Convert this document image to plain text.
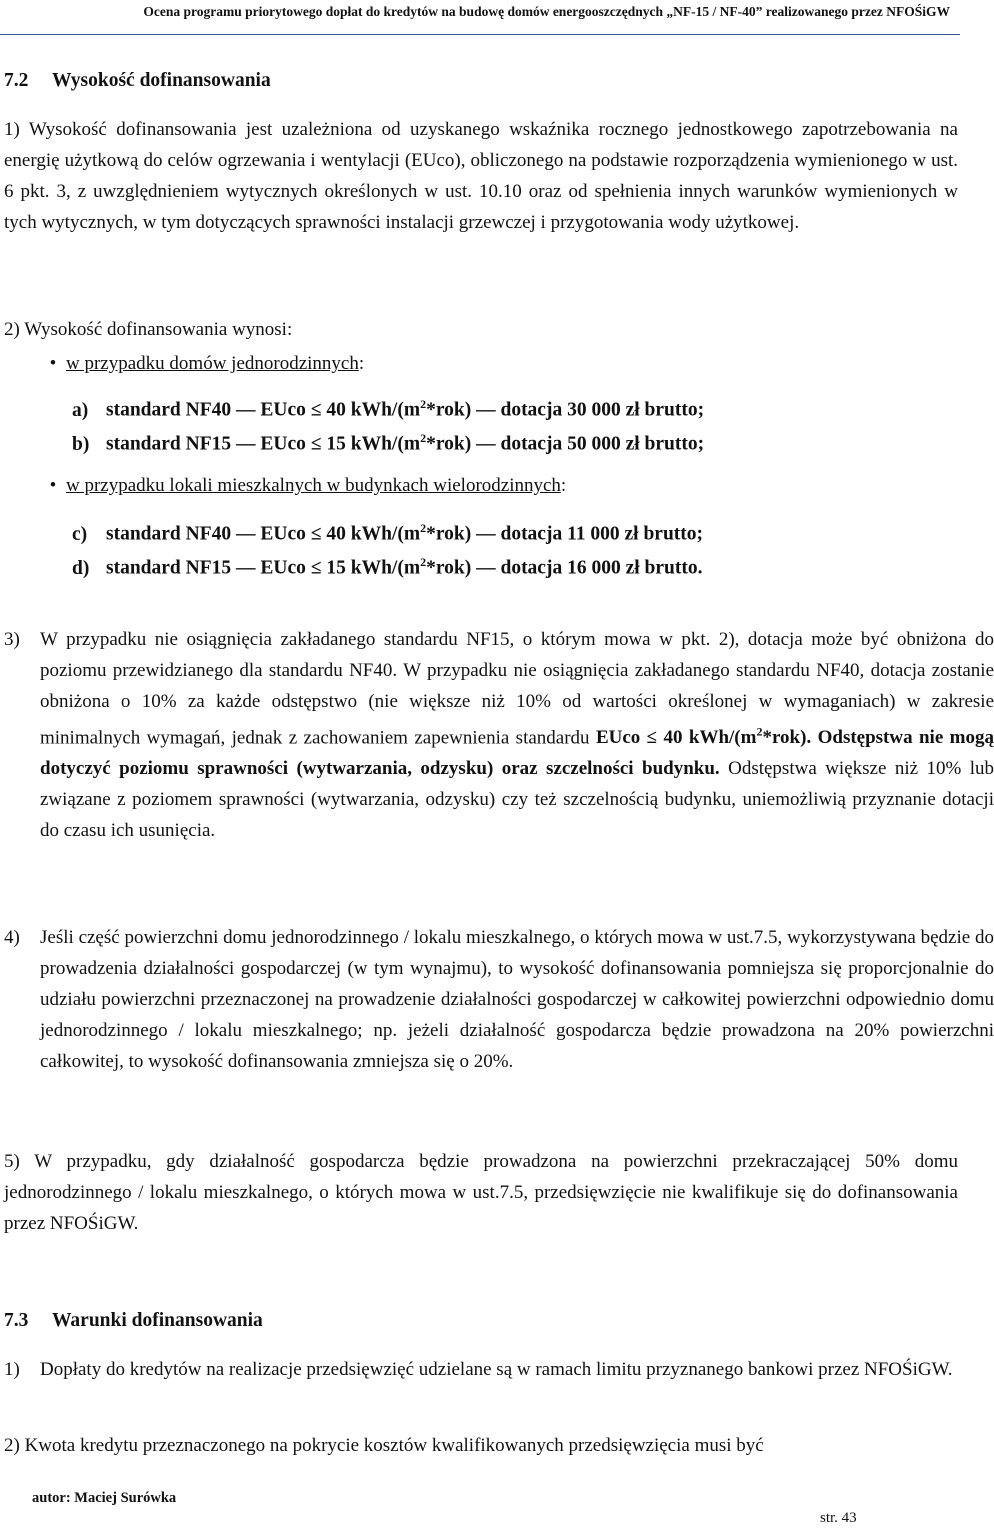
Ocena programu priorytowego dopłat do kredytów na budowę domów energooszczędnych „NF-15 / NF-40” realizowanego przez NFOŚiGW
7.2 Wysokość dofinansowania
1) Wysokość dofinansowania jest uzależniona od uzyskanego wskaźnika rocznego jednostkowego zapotrzebowania na energię użytkową do celów ogrzewania i wentylacji (EUco), obliczonego na podstawie rozporządzenia wymienionego w ust. 6 pkt. 3, z uwzględnieniem wytycznych określonych w ust. 10.10 oraz od spełnienia innych warunków wymienionych w tych wytycznych, w tym dotyczących sprawności instalacji grzewczej i przygotowania wody użytkowej.
2) Wysokość dofinansowania wynosi:
• w przypadku domów jednorodzinnych:
a) standard NF40 — EUco ≤ 40 kWh/$(m^2*rok)$ — dotacja 30 000 zł brutto;
b) standard NF15 — EUco ≤ 15 kWh/$(m^2*rok)$ — dotacja 50 000 zł brutto;
• w przypadku lokali mieszkalnych w budynkach wielorodzinnych:
c) standard NF40 — EUco ≤ 40 kWh/$(m^2*rok)$ — dotacja 11 000 zł brutto;
d) standard NF15 — EUco ≤ 15 kWh/$(m^2*rok)$ — dotacja 16 000 zł brutto.
3) W przypadku nie osiągnięcia zakładanego standardu NF15, o którym mowa w pkt. 2), dotacja może być obniżona do poziomu przewidzianego dla standardu NF40. W przypadku nie osiągnięcia zakładanego standardu NF40, dotacja zostanie obniżona o 10% za każde odstępstwo (nie większe niż 10% od wartości określonej w wymaganiach) w zakresie minimalnych wymagań, jednak z zachowaniem zapewnienia standardu EUco ≤ 40 kWh/$(m^2*rok)$. Odstępstwa nie mogą dotyczyć poziomu sprawności (wytwarzania, odzysku) oraz szczelności budynku. Odstępstwa większe niż 10% lub związane z poziomem sprawności (wytwarzania, odzysku) czy też szczelnością budynku, uniemożliwią przyznanie dotacji do czasu ich usunięcia.
4) Jeśli część powierzchni domu jednorodzinnego / lokalu mieszkalnego, o których mowa w ust.7.5, wykorzystywana będzie do prowadzenia działalności gospodarczej (w tym wynajmu), to wysokość dofinansowania pomniejsza się proporcjonalnie do udziału powierzchni przeznaczonej na prowadzenie działalności gospodarczej w całkowitej powierzchni odpowiednio domu jednorodzinnego / lokalu mieszkalnego; np. jeżeli działalność gospodarcza będzie prowadzona na 20% powierzchni całkowitej, to wysokość dofinansowania zmniejsza się o 20%.
5) W przypadku, gdy działalność gospodarcza będzie prowadzona na powierzchni przekraczającej 50% domu jednorodzinnego / lokalu mieszkalnego, o których mowa w ust.7.5, przedsięwzięcie nie kwalifikuje się do dofinansowania przez NFOŚiGW.
7.3 Warunki dofinansowania
1) Dopłaty do kredytów na realizacje przedsięwzięć udzielane są w ramach limitu przyznanego bankowi przez NFOŚiGW.
2) Kwota kredytu przeznaczonego na pokrycie kosztów kwalifikowanych przedsięwzięcia musi być
autor: Maciej Surówka
str. 43
